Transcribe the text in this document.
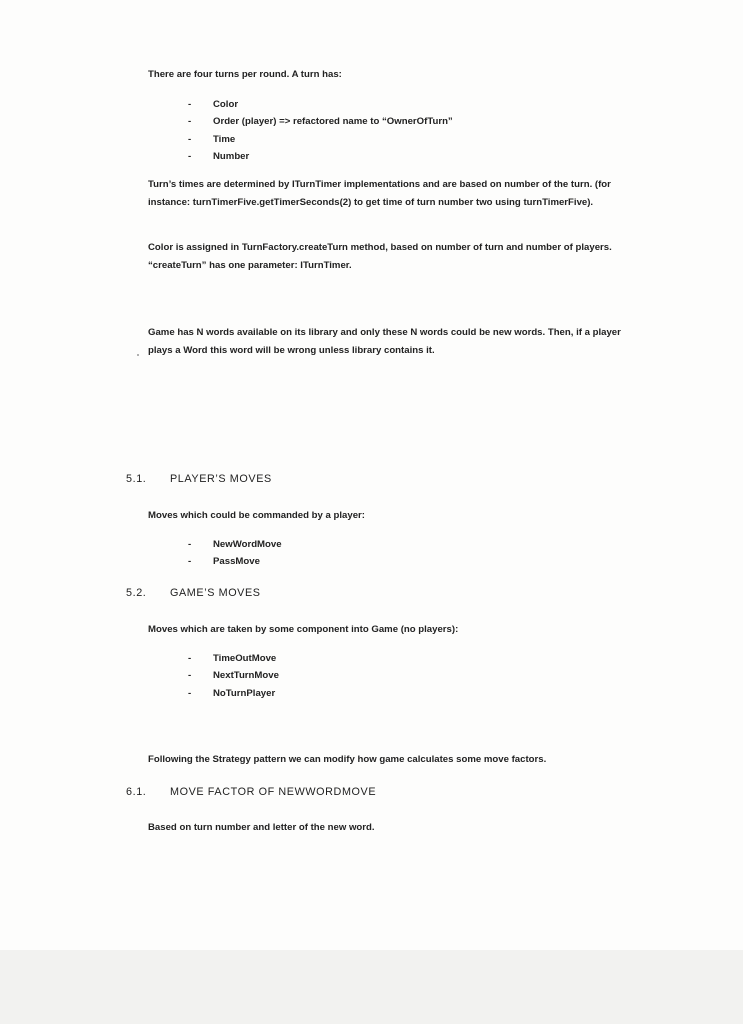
There are four turns per round. A turn has:

- Color
- Order (player) => refactored name to “OwnerOfTurn”
- Time
- Number

Turn’s times are determined by ITurnTimer implementations and are based on number of the turn. (for instance: turnTimerFive.getTimerSeconds(2) to get time of turn number two using turnTimerFive).

Color is assigned in TurnFactory.createTurn method, based on number of turn and number of players. “createTurn” has one parameter: ITurnTimer.

Game has N words available on its library and only these N words could be new words. Then, if a player plays a Word this word will be wrong unless library contains it.

5.1. PLAYER’S MOVES

Moves which could be commanded by a player:

- NewWordMove
- PassMove
5.2. GAME’S MOVES

Moves which are taken by some component into Game (no players):

- TimeOutMove
- NextTurnMove
- NoTurnPlayer

Following the Strategy pattern we can modify how game calculates some move factors.

6.1. MOVE FACTOR OF NEWWORDMOVE

Based on turn number and letter of the new word.
